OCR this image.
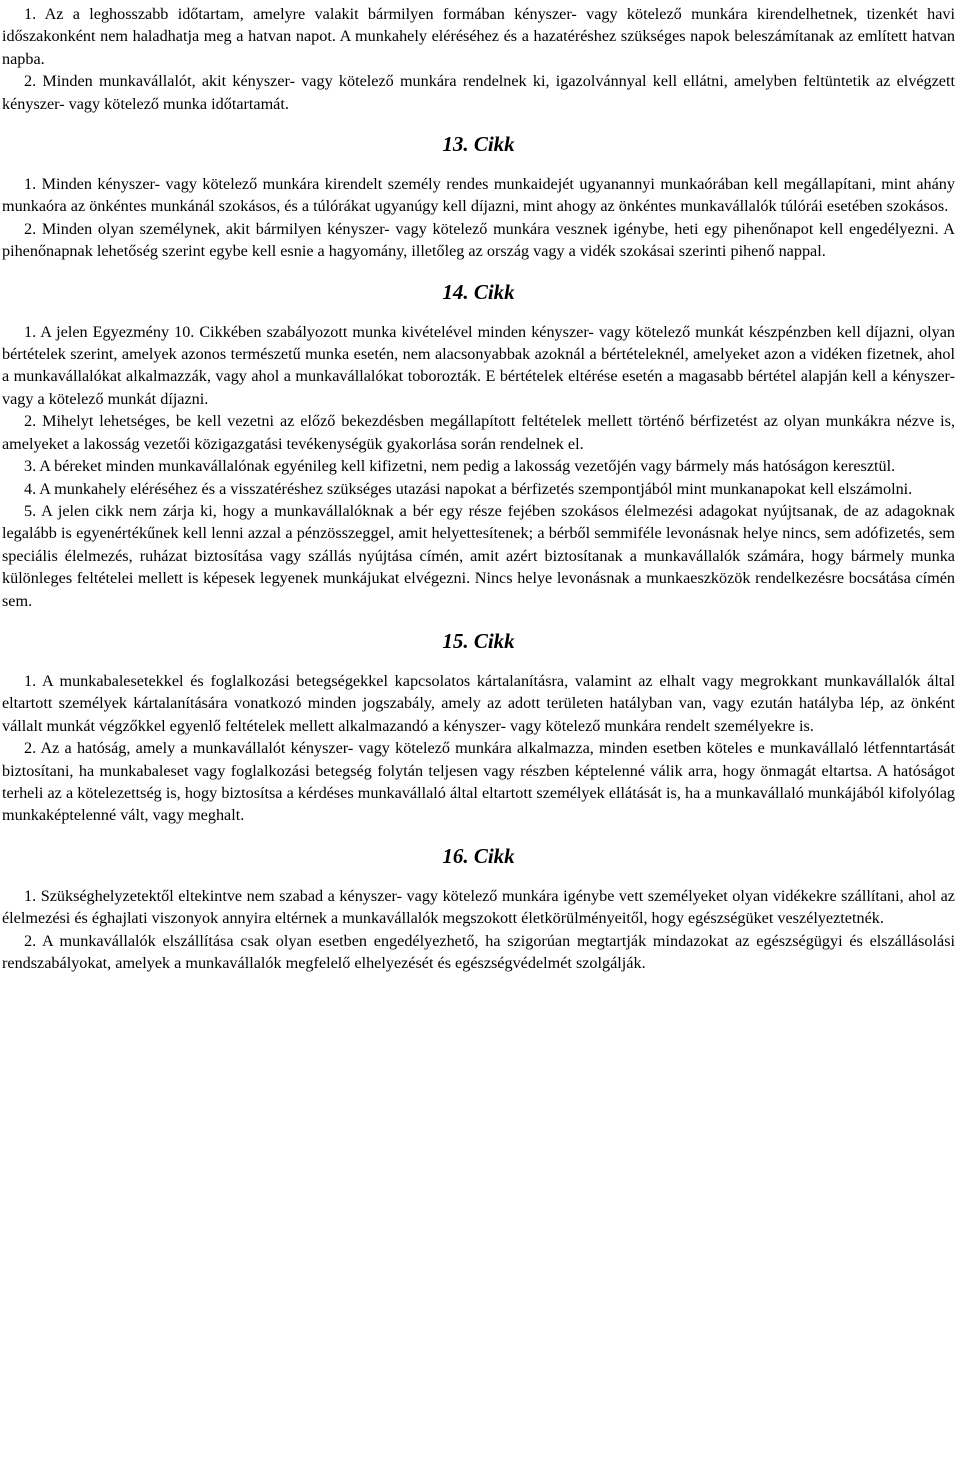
1. Az a leghosszabb időtartam, amelyre valakit bármilyen formában kényszer- vagy kötelező munkára kirendelhetnek, tizenkét havi időszakonként nem haladhatja meg a hatvan napot. A munkahely eléréséhez és a hazatéréshez szükséges napok beleszámítanak az említett hatvan napba.

2. Minden munkavállalót, akit kényszer- vagy kötelező munkára rendelnek ki, igazolvánnyal kell ellátni, amelyben feltüntetik az elvégzett kényszer- vagy kötelező munka időtartamát.

13. Cikk

1. Minden kényszer- vagy kötelező munkára kirendelt személy rendes munkaidejét ugyanannyi munkaórában kell megállapítani, mint ahány munkaóra az önkéntes munkánál szokásos, és a túlórákat ugyanúgy kell díjazni, mint ahogy az önkéntes munkavállalók túlórái esetében szokásos.

2. Minden olyan személynek, akit bármilyen kényszer- vagy kötelező munkára vesznek igénybe, heti egy pihenőnapot kell engedélyezni. A pihenőnapnak lehetőség szerint egybe kell esnie a hagyomány, illetőleg az ország vagy a vidék szokásai szerinti pihenő nappal.

14. Cikk

1. A jelen Egyezmény 10. Cikkében szabályozott munka kivételével minden kényszer- vagy kötelező munkát készpénzben kell díjazni, olyan bértételek szerint, amelyek azonos természetű munka esetén, nem alacsonyabbak azoknál a bértételeknél, amelyeket azon a vidéken fizetnek, ahol a munkavállalókat alkalmazzák, vagy ahol a munkavállalókat toborozták. E bértételek eltérése esetén a magasabb bértétel alapján kell a kényszer- vagy a kötelező munkát díjazni.

2. Mihelyt lehetséges, be kell vezetni az előző bekezdésben megállapított feltételek mellett történő bérfizetést az olyan munkákra nézve is, amelyeket a lakosság vezetői közigazgatási tevékenységük gyakorlása során rendelnek el.

3. A béreket minden munkavállalónak egyénileg kell kifizetni, nem pedig a lakosság vezetőjén vagy bármely más hatóságon keresztül.

4. A munkahely eléréséhez és a visszatéréshez szükséges utazási napokat a bérfizetés szempontjából mint munkanapokat kell elszámolni.

5. A jelen cikk nem zárja ki, hogy a munkavállalóknak a bér egy része fejében szokásos élelmezési adagokat nyújtsanak, de az adagoknak legalább is egyenértékűnek kell lenni azzal a pénzösszeggel, amit helyettesítenek; a bérből semmiféle levonásnak helye nincs, sem adófizetés, sem speciális élelmezés, ruházat biztosítása vagy szállás nyújtása címén, amit azért biztosítanak a munkavállalók számára, hogy bármely munka különleges feltételei mellett is képesek legyenek munkájukat elvégezni. Nincs helye levonásnak a munkaeszközök rendelkezésre bocsátása címén sem.

15. Cikk

1. A munkabalesetekkel és foglalkozási betegségekkel kapcsolatos kártalanításra, valamint az elhalt vagy megrokkant munkavállalók által eltartott személyek kártalanítására vonatkozó minden jogszabály, amely az adott területen hatályban van, vagy ezután hatályba lép, az önként vállalt munkát végzőkkel egyenlő feltételek mellett alkalmazandó a kényszer- vagy kötelező munkára rendelt személyekre is.

2. Az a hatóság, amely a munkavállalót kényszer- vagy kötelező munkára alkalmazza, minden esetben köteles e munkavállaló létfenntartását biztosítani, ha munkabaleset vagy foglalkozási betegség folytán teljesen vagy részben képtelenné válik arra, hogy önmagát eltartsa. A hatóságot terheli az a kötelezettség is, hogy biztosítsa a kérdéses munkavállaló által eltartott személyek ellátását is, ha a munkavállaló munkájából kifolyólag munkaképtelenné vált, vagy meghalt.

16. Cikk

1. Szükséghelyzetektől eltekintve nem szabad a kényszer- vagy kötelező munkára igénybe vett személyeket olyan vidékekre szállítani, ahol az élelmezési és éghajlati viszonyok annyira eltérnek a munkavállalók megszokott életkörülményeitől, hogy egészségüket veszélyeztetnék.

2. A munkavállalók elszállítása csak olyan esetben engedélyezhető, ha szigorúan megtartják mindazokat az egészségügyi és elszállásolási rendszabályokat, amelyek a munkavállalók megfelelő elhelyezését és egészségvédelmét szolgálják.
